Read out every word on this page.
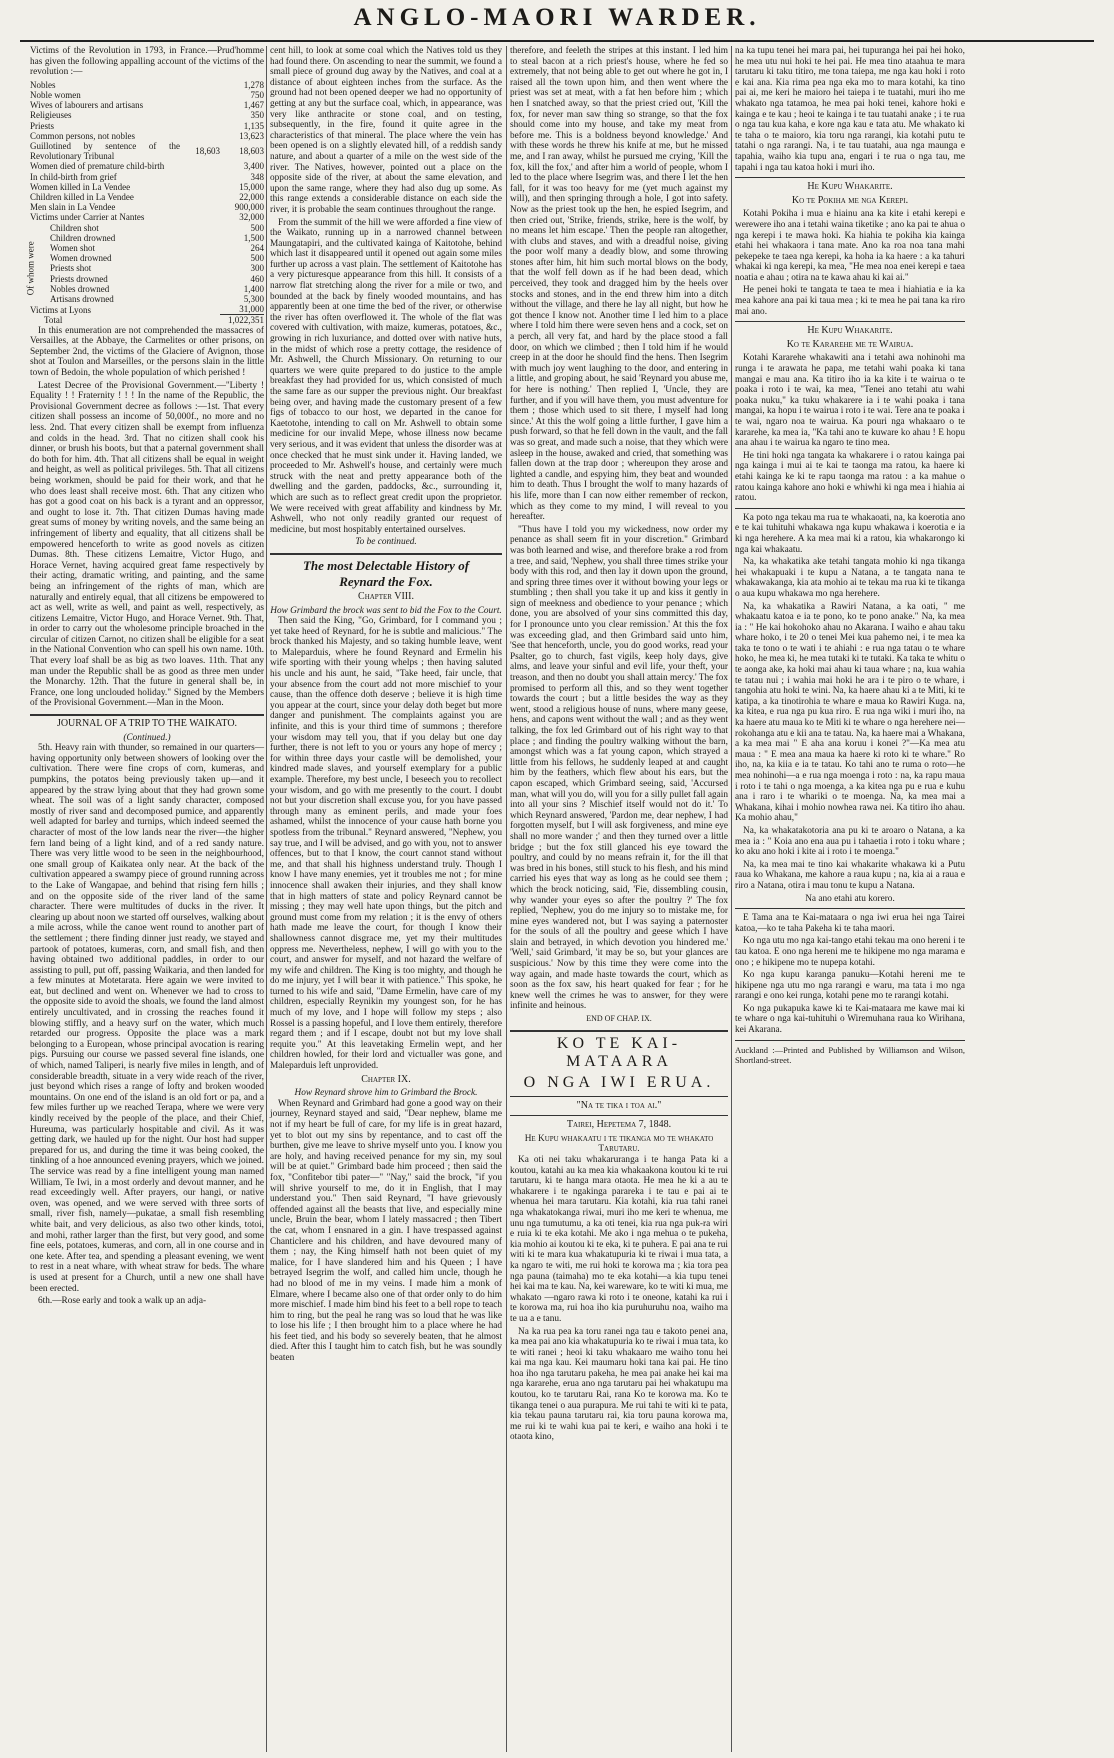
ANGLO-MAORI WARDER.

Victims of the Revolution in 1793, in France.—Prud'homme has given the following appalling account of the victims of the revolution :—

Nobles	1,278
Noble women	750
Wives of labourers and artisans	1,467
Religieuses	350
Priests	1,135
Common persons, not nobles	13,623
Guillotined by sentence of the Revolutionary Tribunal	18,603	18,603
Women died of premature child-birth		3,400
In child-birth from grief		348
Women killed in La Vendee		15,000
Children killed in La Vendee		22,000
Men slain in La Vendee		900,000
Victims under Carrier at Nantes		32,000
Of whom were
Children shot	500
Children drowned	1,500
Women shot	264
Women drowned	500
Priests shot	300
Priests drowned	460
Nobles drowned	1,400
Artisans drowned	5,300
Victims at Lyons	31,000
Total	1,022,351

In this enumeration are not comprehended the massacres of Versailles, at the Abbaye, the Carmelites or other prisons, on September 2nd, the victims of the Glaciere of Avignon, those shot at Toulon and Marseilles, or the persons slain in the little town of Bedoin, the whole population of which perished !

Latest Decree of the Provisional Government.—"Liberty ! Equality ! ! Fraternity ! ! ! In the name of the Republic, the Provisional Government decree as follows :—1st. That every citizen shall possess an income of 50,000f., no more and no less. 2nd. That every citizen shall be exempt from influenza and colds in the head. 3rd. That no citizen shall cook his dinner, or brush his boots, but that a paternal government shall do both for him. 4th. That all citizens shall be equal in weight and height, as well as political privileges. 5th. That all citizens being workmen, should be paid for their work, and that he who does least shall receive most. 6th. That any citizen who has got a good coat on his back is a tyrant and an oppressor, and ought to lose it. 7th. That citizen Dumas having made great sums of money by writing novels, and the same being an infringement of liberty and equality, that all citizens shall be empowered henceforth to write as good novels as citizen Dumas. 8th. These citizens Lemaitre, Victor Hugo, and Horace Vernet, having acquired great fame respectively by their acting, dramatic writing, and painting, and the same being an infringement of the rights of man, which are naturally and entirely equal, that all citizens be empowered to act as well, write as well, and paint as well, respectively, as citizens Lemaitre, Victor Hugo, and Horace Vernet. 9th. That, in order to carry out the wholesome principle broached in the circular of citizen Carnot, no citizen shall be eligible for a seat in the National Convention who can spell his own name. 10th. That every loaf shall be as big as two loaves. 11th. That any man under the Republic shall be as good as three men under the Monarchy. 12th. That the future in general shall be, in France, one long unclouded holiday." Signed by the Members of the Provisional Government.—Man in the Moon.

JOURNAL OF A TRIP TO THE WAIKATO.
(Continued.)

5th. Heavy rain with thunder, so remained in our quarters—having opportunity only between showers of looking over the cultivation. There were fine crops of corn, kumeras, and pumpkins, the potatos being previously taken up—and it appeared by the straw lying about that they had grown some wheat. The soil was of a light sandy character, composed mostly of river sand and decomposed pumice, and apparently well adapted for barley and turnips, which indeed seemed the character of most of the low lands near the river—the higher fern land being of a light kind, and of a red sandy nature. There was very little wood to be seen in the neighbourhood, one small group of Kaikatea only near. At the back of the cultivation appeared a swampy piece of ground running across to the Lake of Wangapae, and behind that rising fern hills ; and on the opposite side of the river land of the same character. There were multitudes of ducks in the river. It clearing up about noon we started off ourselves, walking about a mile across, while the canoe went round to another part of the settlement ; there finding dinner just ready, we stayed and partook of potatoes, kumeras, corn, and small fish, and then having obtained two additional paddles, in order to our assisting to pull, put off, passing Waikaria, and then landed for a few minutes at Motetarata. Here again we were invited to eat, but declined and went on. Whenever we had to cross to the opposite side to avoid the shoals, we found the land almost entirely uncultivated, and in crossing the reaches found it blowing stiffly, and a heavy surf on the water, which much retarded our progress. Opposite the place was a mark belonging to a European, whose principal avocation is rearing pigs. Pursuing our course we passed several fine islands, one of which, named Taliperi, is nearly five miles in length, and of considerable breadth, situate in a very wide reach of the river, just beyond which rises a range of lofty and broken wooded mountains. On one end of the island is an old fort or pa, and a few miles further up we reached Terapa, where we were very kindly received by the people of the place, and their Chief, Hureuma, was particularly hospitable and civil. As it was getting dark, we hauled up for the night. Our host had supper prepared for us, and during the time it was being cooked, the tinkling of a hoe announced evening prayers, which we joined. The service was read by a fine intelligent young man named William, Te Iwi, in a most orderly and devout manner, and he read exceedingly well. After prayers, our hangi, or native oven, was opened, and we were served with three sorts of small, river fish, namely—pukatae, a small fish resembling white bait, and very delicious, as also two other kinds, totoi, and mohi, rather larger than the first, but very good, and some fine eels, potatoes, kumeras, and corn, all in one course and in one kete. After tea, and spending a pleasant evening, we went to rest in a neat whare, with wheat straw for beds. The whare is used at present for a Church, until a new one shall have been erected.

6th.—Rose early and took a walk up an adja-

cent hill, to look at some coal which the Natives told us they had found there. On ascending to near the summit, we found a small piece of ground dug away by the Natives, and coal at a distance of about eighteen inches from the surface. As the ground had not been opened deeper we had no opportunity of getting at any but the surface coal, which, in appearance, was very like anthracite or stone coal, and on testing, subsequently, in the fire, found it quite agree in the characteristics of that mineral. The place where the vein has been opened is on a slightly elevated hill, of a reddish sandy nature, and about a quarter of a mile on the west side of the river. The Natives, however, pointed out a place on the opposite side of the river, at about the same elevation, and upon the same range, where they had also dug up some. As this range extends a considerable distance on each side the river, it is probable the seam continues throughout the range.

From the summit of the hill we were afforded a fine view of the Waikato, running up in a narrowed channel between Maungatapiri, and the cultivated kainga of Kaitotohe, behind which last it disappeared until it opened out again some miles further up across a vast plain. The settlement of Kaitotohe has a very picturesque appearance from this hill. It consists of a narrow flat stretching along the river for a mile or two, and bounded at the back by finely wooded mountains, and has apparently been at one time the bed of the river, or otherwise the river has often overflowed it. The whole of the flat was covered with cultivation, with maize, kumeras, potatoes, &c., growing in rich luxuriance, and dotted over with native huts, in the midst of which rose a pretty cottage, the residence of Mr. Ashwell, the Church Missionary. On returning to our quarters we were quite prepared to do justice to the ample breakfast they had provided for us, which consisted of much the same fare as our supper the previous night. Our breakfast being over, and having made the customary present of a few figs of tobacco to our host, we departed in the canoe for Kaetotohe, intending to call on Mr. Ashwell to obtain some medicine for our invalid Mepe, whose illness now became very serious, and it was evident that unless the disorder was at once checked that he must sink under it. Having landed, we proceeded to Mr. Ashwell's house, and certainly were much struck with the neat and pretty appearance both of the dwelling and the garden, paddocks, &c., surrounding it, which are such as to reflect great credit upon the proprietor. We were received with great affability and kindness by Mr. Ashwell, who not only readily granted our request of medicine, but most hospitably entertained ourselves.

To be continued.
The most Delectable History of
Reynard the Fox.
Chapter VIII.
How Grimbard the brock was sent to bid the Fox to the Court.

Then said the King, "Go, Grimbard, for I command you ; yet take heed of Reynard, for he is subtle and malicious." The brock thanked his Majesty, and so taking humble leave, went to Maleparduis, where he found Reynard and Ermelin his wife sporting with their young whelps ; then having saluted his uncle and his aunt, he said, "Take heed, fair uncle, that your absence from the court add not more mischief to your cause, than the offence doth deserve ; believe it is high time you appear at the court, since your delay doth beget but more danger and punishment. The complaints against you are infinite, and this is your third time of summons ; therefore your wisdom may tell you, that if you delay but one day further, there is not left to you or yours any hope of mercy ; for within three days your castle will be demolished, your kindred made slaves, and yourself exemplary for a public example. Therefore, my best uncle, I beseech you to recollect your wisdom, and go with me presently to the court. I doubt not but your discretion shall excuse you, for you have passed through many as eminent perils, and made your foes ashamed, whilst the innocence of your cause hath borne you spotless from the tribunal." Reynard answered, "Nephew, you say true, and I will be advised, and go with you, not to answer offences, but to that I know, the court cannot stand without me, and that shall his highness understand truly. Though I know I have many enemies, yet it troubles me not ; for mine innocence shall awaken their injuries, and they shall know that in high matters of state and policy Reynard cannot be missing ; they may well hate upon things, but the pitch and ground must come from my relation ; it is the envy of others hath made me leave the court, for though I know their shallowness cannot disgrace me, yet my their multitudes oppress me. Nevertheless, nephew, I will go with you to the court, and answer for myself, and not hazard the welfare of my wife and children. The King is too mighty, and though he do me injury, yet I will bear it with patience." This spoke, he turned to his wife and said, "Dame Ermelin, have care of my children, especially Reynikin my youngest son, for he has much of my love, and I hope will follow my steps ; also Rossel is a passing hopeful, and I love them entirely, therefore regard them ; and if I escape, doubt not but my love shall requite you." At this leavetaking Ermelin wept, and her children howled, for their lord and victualler was gone, and Maleparduis left unprovided.

Chapter IX.
How Reynard shrove him to Grimbard the Brock.

When Reynard and Grimbard had gone a good way on their journey, Reynard stayed and said, "Dear nephew, blame me not if my heart be full of care, for my life is in great hazard, yet to blot out my sins by repentance, and to cast off the burthen, give me leave to shrive myself unto you. I know you are holy, and having received penance for my sin, my soul will be at quiet." Grimbard bade him proceed ; then said the fox, "Confitebor tibi pater—" "Nay," said the brock, "if you will shrive yourself to me, do it in English, that I may understand you." Then said Reynard, "I have grievously offended against all the beasts that live, and especially mine uncle, Bruin the bear, whom I lately massacred ; then Tibert the cat, whom I ensnared in a gin. I have trespassed against Chanticlere and his children, and have devoured many of them ; nay, the King himself hath not been quiet of my malice, for I have slandered him and his Queen ; I have betrayed Isegrim the wolf, and called him uncle, though he had no blood of me in my veins. I made him a monk of Elmare, where I became also one of that order only to do him more mischief. I made him bind his feet to a bell rope to teach him to ring, but the peal he rang was so loud that he was like to lose his life ; I then brought him to a place where he had his feet tied, and his body so severely beaten, that he almost died. After this I taught him to catch fish, but he was soundly beaten

therefore, and feeleth the stripes at this instant. I led him to steal bacon at a rich priest's house, where he fed so extremely, that not being able to get out where he got in, I raised all the town upon him, and then went where the priest was set at meat, with a fat hen before him ; which hen I snatched away, so that the priest cried out, 'Kill the fox, for never man saw thing so strange, so that the fox should come into my house, and take my meat from before me. This is a boldness beyond knowledge.' And with these words he threw his knife at me, but he missed me, and I ran away, whilst he pursued me crying, 'Kill the fox, kill the fox,' and after him a world of people, whom I led to the place where Isegrim was, and there I let the hen fall, for it was too heavy for me (yet much against my will), and then springing through a hole, I got into safety. Now as the priest took up the hen, he espied Isegrim, and then cried out, 'Strike, friends, strike, here is the wolf, by no means let him escape.' Then the people ran altogether, with clubs and staves, and with a dreadful noise, giving the poor wolf many a deadly blow, and some throwing stones after him, hit him such mortal blows on the body, that the wolf fell down as if he had been dead, which perceived, they took and dragged him by the heels over stocks and stones, and in the end threw him into a ditch without the village, and there he lay all night, but how he got thence I know not. Another time I led him to a place where I told him there were seven hens and a cock, set on a perch, all very fat, and hard by the place stood a fall door, on which we climbed ; then I told him if he would creep in at the door he should find the hens. Then Isegrim with much joy went laughing to the door, and entering in a little, and groping about, he said 'Reynard you abuse me, for here is nothing.' Then replied I, 'Uncle, they are further, and if you will have them, you must adventure for them ; those which used to sit there, I myself had long since.' At this the wolf going a little further, I gave him a push forward, so that he fell down in the vault, and the fall was so great, and made such a noise, that they which were asleep in the house, awaked and cried, that something was fallen down at the trap door ; whereupon they arose and lighted a candle, and espying him, they beat and wounded him to death. Thus I brought the wolf to many hazards of his life, more than I can now either remember of reckon, which as they come to my mind, I will reveal to you hereafter.

"Thus have I told you my wickedness, now order my penance as shall seem fit in your discretion." Grimbard was both learned and wise, and therefore brake a rod from a tree, and said, 'Nephew, you shall three times strike your body with this rod, and then lay it down upon the ground, and spring three times over it without bowing your legs or stumbling ; then shall you take it up and kiss it gently in sign of meekness and obedience to your penance ; which done, you are absolved of your sins committed this day, for I pronounce unto you clear remission.' At this the fox was exceeding glad, and then Grimbard said unto him, 'See that henceforth, uncle, you do good works, read your Psalter, go to church, fast vigils, keep holy days, give alms, and leave your sinful and evil life, your theft, your treason, and then no doubt you shall attain mercy.' The fox promised to perform all this, and so they went together towards the court ; but a little besides the way as they went, stood a religious house of nuns, where many geese, hens, and capons went without the wall ; and as they went talking, the fox led Grimbard out of his right way to that place ; and finding the poultry walking without the barn, amongst which was a fat young capon, which strayed a little from his fellows, he suddenly leaped at and caught him by the feathers, which flew about his ears, but the capon escaped, which Grimbard seeing, said, 'Accursed man, what will you do, will you for a silly pullet fall again into all your sins ? Mischief itself would not do it.' To which Reynard answered, 'Pardon me, dear nephew, I had forgotten myself, but I will ask forgiveness, and mine eye shall no more wander ;' and then they turned over a little bridge ; but the fox still glanced his eye toward the poultry, and could by no means refrain it, for the ill that was bred in his bones, still stuck to his flesh, and his mind carried his eyes that way as long as he could see them ; which the brock noticing, said, 'Fie, dissembling cousin, why wander your eyes so after the poultry ?' The fox replied, 'Nephew, you do me injury so to mistake me, for mine eyes wandered not, but I was saying a paternoster for the souls of all the poultry and geese which I have slain and betrayed, in which devotion you hindered me.' 'Well,' said Grimbard, 'it may be so, but your glances are suspicious.' Now by this time they were come into the way again, and made haste towards the court, which as soon as the fox saw, his heart quaked for fear ; for he knew well the crimes he was to answer, for they were infinite and heinous.

END OF CHAP. IX.
KO TE KAI-MATAARA
O NGA IWI ERUA.
"Na te tika i toa ai."
Tairei, Hepetema 7, 1848.
He Kupu whakaatu i te tikanga mo te whakato Tarutaru.

Ka oti nei taku whakaruranga i te hanga Pata ki a koutou, katahi au ka mea kia whakaakona koutou ki te rui tarutaru, ki te hanga mara otaota. He mea he ki a au te whakarere i te ngakinga parareka i te tau e pai ai te whenua hei mara tarutaru. Kia kotahi, kia rua tahi ranei nga whakatokanga riwai, muri iho me keri te whenua, me unu nga tumutumu, a ka oti tenei, kia rua nga puk-ra wiri e ruia ki te eka kotahi. Me ako i nga mehua o te pukeha, kia mohio ai koutou ki te eka, ki te puhera. E pai ana te rui witi ki te mara kua whakatupuria ki te riwai i mua tata, a ka ngaro te witi, me rui hoki te korowa ma ; kia tora pea nga pauna (taimaha) mo te eka kotahi—a kia tupu tenei hei kai ma te kau. Na, kei wareware, ko te witi ki mua, me whakato —ngaro rawa ki roto i te oneone, katahi ka rui i te korowa ma, rui hoa iho kia puruhuruhu noa, waiho ma te ua a e tanu.

Na ka rua pea ka toru ranei nga tau e takoto penei ana, ka mea pai ano kia whakatupuria ko te riwai i mua tata, ko te witi ranei ; heoi ki taku whakaaro me waiho tonu hei kai ma nga kau. Kei maumaru hoki tana kai pai. He tino hoa iho nga tarutaru pakeha, he mea pai anake hei kai ma nga kararehe, erua ano nga tarutaru pai hei whakatupu ma koutou, ko te tarutaru Rai, rana Ko te korowa ma. Ko te tikanga tenei o aua purapura. Me rui tahi te witi ki te pata, kia tekau pauna tarutaru rai, kia toru pauna korowa ma, me rui ki te wahi kua pai te keri, e waiho ana hoki i te otaota kino,

na ka tupu tenei hei mara pai, hei tupuranga hei pai hei hoko, he mea utu nui hoki te hei pai. He mea tino ataahua te mara tarutaru ki taku titiro, me tona taiepa, me nga kau hoki i roto e kai ana. Kia rima pea nga eka mo to mara kotahi, ka tino pai ai, me keri he maioro hei taiepa i te tuatahi, muri iho me whakato nga tatamoa, he mea pai hoki tenei, kahore hoki e kainga e te kau ; heoi te kainga i te tau tuatahi anake ; i te rua o nga tau kua kaha, e kore nga kau e tata atu. Me whakato ki te taha o te maioro, kia toru nga rarangi, kia kotahi putu te tatahi o nga rarangi. Na, i te tau tuatahi, aua nga maunga e tapahia, waiho kia tupu ana, engari i te rua o nga tau, me tapahi i nga tau katoa hoki i muri iho.

He Kupu Whakarite.
Ko te Pokiha me nga Kerepi.

Kotahi Pokiha i mua e hiainu ana ka kite i etahi kerepi e werewere iho ana i tetahi waina tiketike ; ano ka pai te ahua o nga kerepi i te mawa hoki. Ka hiahia te pokiha kia kainga etahi hei whakaora i tana mate. Ano ka roa noa tana mahi pekepeke te taea nga kerepi, ka hoha ia ka haere : a ka tahuri whakai ki nga kerepi, ka mea, "He mea noa enei kerepi e taea noatia e ahau ; otira na te kawa ahau ki kai ai."

He penei hoki te tangata te taea te mea i hiahiatia e ia ka mea kahore ana pai ki taua mea ; ki te mea he pai tana ka riro mai ano.

He Kupu Whakarite.
Ko te Kararehe me te Wairua.

Kotahi Kararehe whakawiti ana i tetahi awa nohinohi ma runga i te arawata he papa, me tetahi wahi poaka ki tana mangai e mau ana. Ka titiro iho ia ka kite i te wairua o te poaka i roto i te wai, ka mea, "Tenei ano tetahi atu wahi poaka nuku," ka tuku whakarere ia i te wahi poaka i tana mangai, ka hopu i te wairua i roto i te wai. Tere ana te poaka i te wai, ngaro noa te wairua. Ka pouri nga whakaaro o te kararehe, ka mea ia, "Ka tahi ano te kuware ko ahau ! E hopu ana ahau i te wairua ka ngaro te tino mea.

He tini hoki nga tangata ka whakarere i o ratou kainga pai nga kainga i mui ai te kai te taonga ma ratou, ka haere ki etahi kainga ke ki te rapu taonga ma ratou : a ka mahue o ratou kainga kahore ano hoki e whiwhi ki nga mea i hiahia ai ratou.

Ka poto nga tekau ma rua te whakaoati, na, ka koerotia ano e te kai tuhituhi whakawa nga kupu whakawa i koerotia e ia ki nga herehere. A ka mea mai ki a ratou, kia whakarongo ki nga kai whakaatu.

Na, ka whakatika ake tetahi tangata mohio ki nga tikanga hei whakapuaki i te kupu a Natana, a te tangata nana te whakawakanga, kia ata mohio ai te tekau ma rua ki te tikanga o aua kupu whakawa mo nga herehere.

Na, ka whakatika a Rawiri Natana, a ka oati, " me whakaatu katoa e ia te pono, ko te pono anake." Na, ka mea ia : " He kai hokohoko ahau no Akarana. I waiho e ahau taku whare hoko, i te 20 o tenei Mei kua pahemo nei, i te mea ka taka te tono o te wati i te ahiahi : e rua nga tatau o te whare hoko, he mea ki, he mea tutaki ki te tutaki. Ka taka te whitu o te aonga ake, ka hoki mai ahau ki taua whare ; na, kua wahia te tatau nui ; i wahia mai hoki he ara i te piro o te whare, i tangohia atu hoki te wini. Na, ka haere ahau ki a te Miti, ki te katipa, a ka tinotirohia te whare e maua ko Rawiri Kuga. na, ka kitea, e rua nga pu kua riro. E rua nga wiki i muri iho, na ka haere atu maua ko te Miti ki te whare o nga herehere nei—rokohanga atu e kii ana te tatau. Na, ka haere mai a Whakana, a ka mea mai " E aha ana koruu i konei ?"—Ka mea atu maua : " E mea ana maua ka haere ki roto ki te whare." Ro iho, na, ka kiia e ia te tatau. Ko tahi ano te ruma o roto—he mea nohinohi—a e rua nga moenga i roto : na, ka rapu maua i roto i te tahi o nga moenga, a ka kitea nga pu e rua e kuhu ana i raro i te whariki o te moenga. Na, ka mea mai a Whakana, kihai i mohio nowhea rawa nei. Ka titiro iho ahau. Ka mohio ahau,"

Na, ka whakatakotoria ana pu ki te aroaro o Natana, a ka mea ia : " Koia ano ena aua pu i tahaetia i roto i toku whare ; ko aku ano hoki i kite ai i roto i te moenga."

Na, ka mea mai te tino kai whakarite whakawa ki a Putu raua ko Whakana, me kahore a raua kupu ; na, kia ai a raua e riro a Natana, otira i mau tonu te kupu a Natana.

Na ano etahi atu korero.

E Tama ana te Kai-mataara o nga iwi erua hei nga Tairei katoa,—ko te taha Pakeha ki te taha maori.

Ko nga utu mo nga kai-tango etahi tekau ma ono hereni i te tau katoa. E ono nga hereni me te hikipene mo nga marama e ono ; e hikipene mo te nupepa kotahi.

Ko nga kupu karanga panuku—Kotahi hereni me te hikipene nga utu mo nga rarangi e waru, ma tata i mo nga rarangi e ono kei runga, kotahi pene mo te rarangi kotahi.

Ko nga pukapuka kawe ki te Kai-mataara me kawe mai ki te whare o nga kai-tuhituhi o Wiremuhana raua ko Wirihana, kei Akarana.

Auckland :—Printed and Published by Williamson and Wilson, Shortland-street.
